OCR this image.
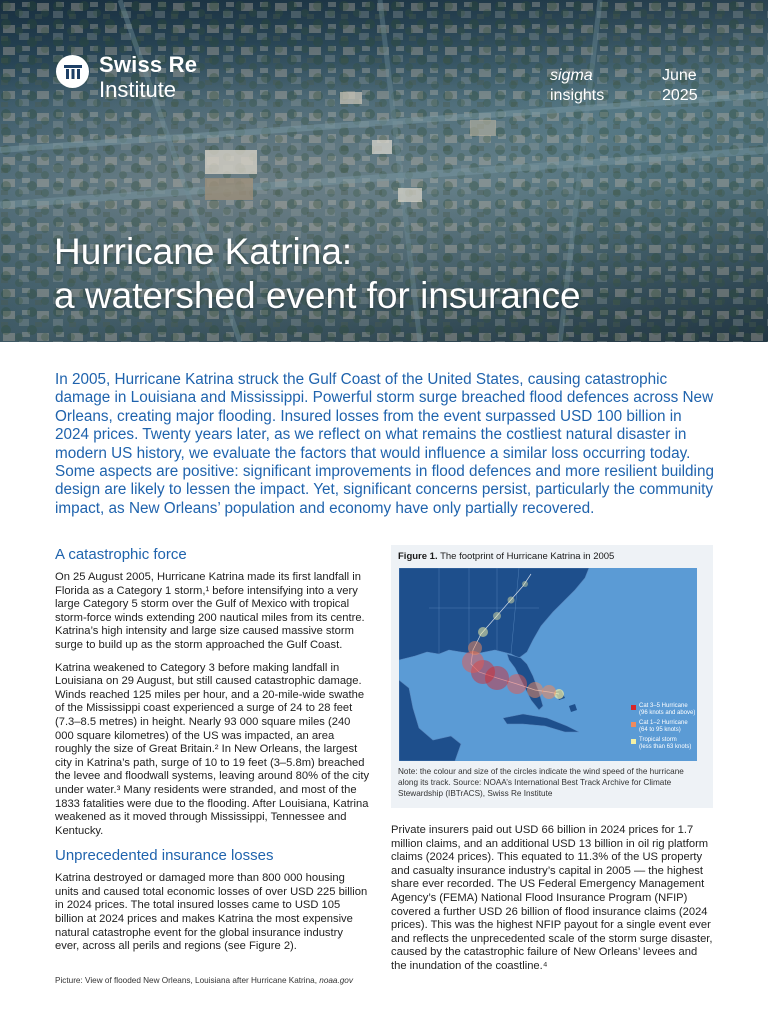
Swiss Re
Institute
sigma
insights
June
2025
Hurricane Katrina:
a watershed event for insurance

In 2005, Hurricane Katrina struck the Gulf Coast of the United States, causing catastrophic damage in Louisiana and Mississippi. Powerful storm surge breached flood defences across New Orleans, creating major flooding. Insured losses from the event surpassed USD 100 billion in 2024 prices. Twenty years later, as we reflect on what remains the costliest natural disaster in modern US history, we evaluate the factors that would influence a similar loss occurring today. Some aspects are positive: significant improvements in flood defences and more resilient building design are likely to lessen the impact. Yet, significant concerns persist, particularly the community impact, as New Orleans’ population and economy have only partially recovered.

A catastrophic force

On 25 August 2005, Hurricane Katrina made its first landfall in Florida as a Category 1 storm,¹ before intensifying into a very large Category 5 storm over the Gulf of Mexico with tropical storm-force winds extending 200 nautical miles from its centre. Katrina’s high intensity and large size caused massive storm surge to build up as the storm approached the Gulf Coast.

Katrina weakened to Category 3 before making landfall in Louisiana on 29 August, but still caused catastrophic damage. Winds reached 125 miles per hour, and a 20-mile-wide swathe of the Mississippi coast experienced a surge of 24 to 28 feet (7.3–8.5 metres) in height. Nearly 93 000 square miles (240 000 square kilometres) of the US was impacted, an area roughly the size of Great Britain.² In New Orleans, the largest city in Katrina’s path, surge of 10 to 19 feet (3–5.8m) breached the levee and floodwall systems, leaving around 80% of the city under water.³ Many residents were stranded, and most of the 1833 fatalities were due to the flooding. After Louisiana, Katrina weakened as it moved through Mississippi, Tennessee and Kentucky.

Unprecedented insurance losses

Katrina destroyed or damaged more than 800 000 housing units and caused total economic losses of over USD 225 billion in 2024 prices. The total insured losses came to USD 105 billion at 2024 prices and makes Katrina the most expensive natural catastrophe event for the global insurance industry ever, across all perils and regions (see Figure 2).

Picture: View of flooded New Orleans, Louisiana after Hurricane Katrina, noaa.gov
Figure 1. The footprint of Hurricane Katrina in 2005
Cat 3–5 Hurricane
(96 knots and above)
Cat 1–2 Hurricane
(64 to 95 knots)
Tropical storm
(less than 63 knots)
Note: the colour and size of the circles indicate the wind speed of the hurricane along its track. Source: NOAA’s International Best Track Archive for Climate Stewardship (IBTrACS), Swiss Re Institute

Private insurers paid out USD 66 billion in 2024 prices for 1.7 million claims, and an additional USD 13 billion in oil rig platform claims (2024 prices). This equated to 11.3% of the US property and casualty insurance industry’s capital in 2005 — the highest share ever recorded. The US Federal Emergency Management Agency’s (FEMA) National Flood Insurance Program (NFIP) covered a further USD 26 billion of flood insurance claims (2024 prices). This was the highest NFIP payout for a single event ever and reflects the unprecedented scale of the storm surge disaster, caused by the catastrophic failure of New Orleans’ levees and the inundation of the coastline.⁴
